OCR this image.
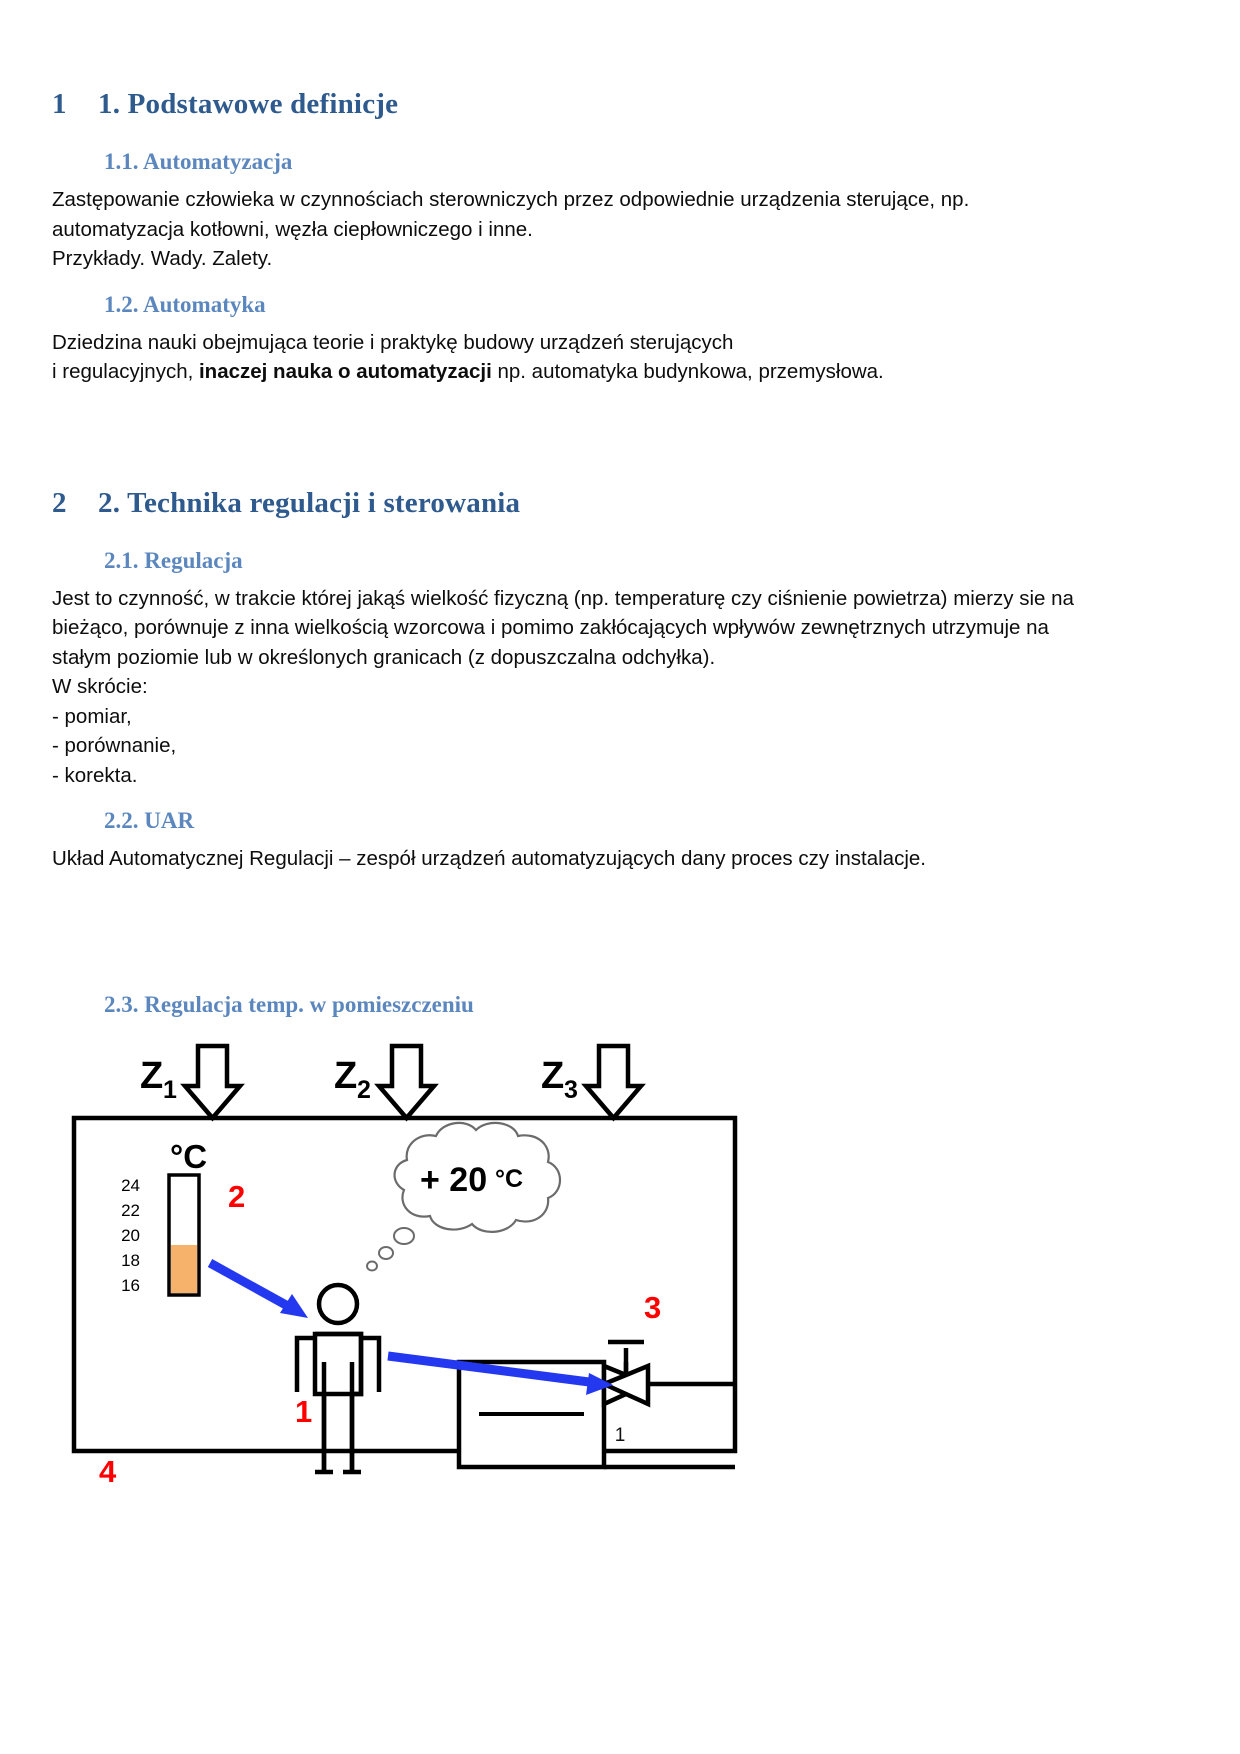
1	1. Podstawowe definicje
1.1. Automatyzacja

Zastępowanie człowieka w czynnościach sterowniczych przez odpowiednie urządzenia sterujące, np.

automatyzacja kotłowni, węzła ciepłowniczego i inne.

Przykłady. Wady. Zalety.

1.2. Automatyka

Dziedzina nauki obejmująca teorie i praktykę budowy urządzeń sterujących

i regulacyjnych, inaczej nauka o automatyzacji np. automatyka budynkowa, przemysłowa.

2	2. Technika regulacji i sterowania
2.1. Regulacja

Jest to czynność, w trakcie której jakąś wielkość fizyczną (np. temperaturę czy ciśnienie powietrza) mierzy sie na

bieżąco, porównuje z inna wielkością wzorcowa i pomimo zakłócających wpływów zewnętrznych utrzymuje na

stałym poziomie lub w określonych granicach (z dopuszczalna odchyłka).

W skrócie:

- pomiar,

- porównanie,

- korekta.

2.2. UAR

Układ Automatycznej Regulacji – zespół urządzeń automatyzujących dany proces czy instalacje.

2.3. Regulacja temp. w pomieszczeniu
Z 1	Z 2	Z 3
°C
24
22
20
18
16
+ 20 °C
2
1
3
4
1
